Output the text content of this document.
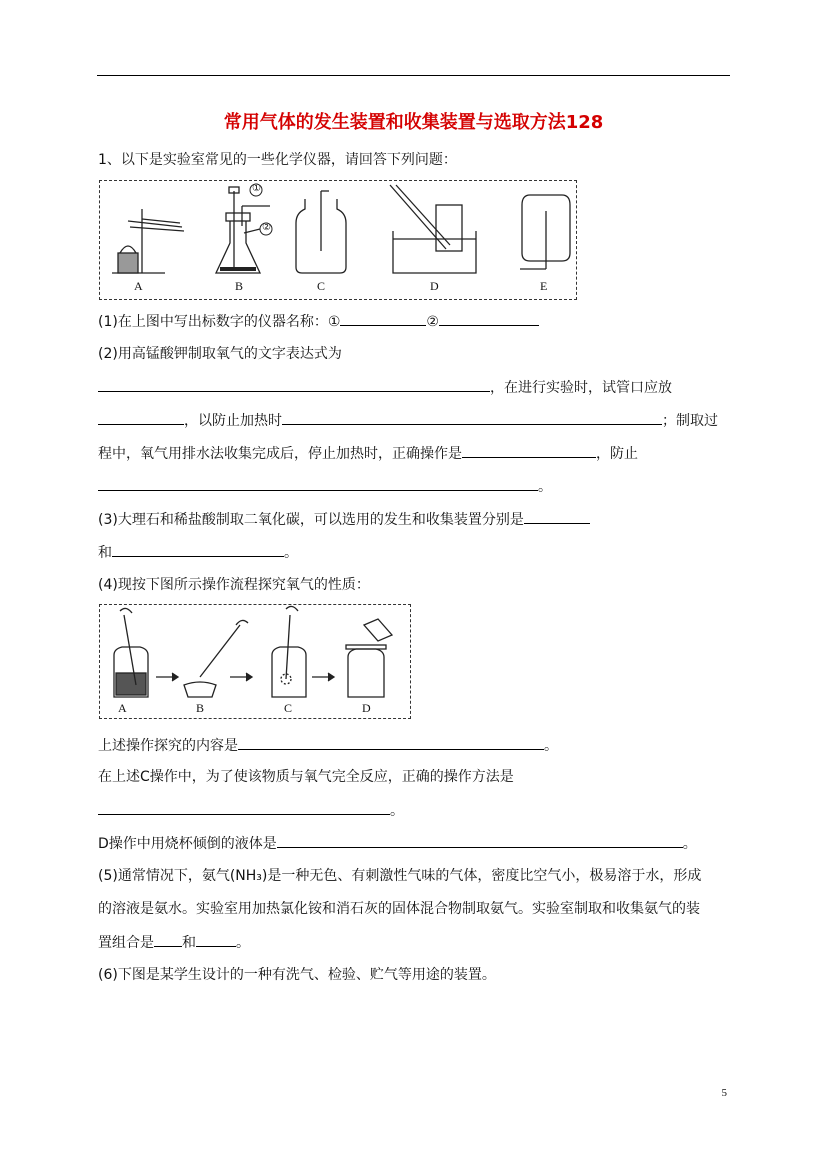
常用气体的发生装置和收集装置与选取方法128
1、以下是实验室常见的一些化学仪器，请回答下列问题：
①
②
A	B	C	D	E
(1)在上图中写出标数字的仪器名称：①	②
(2)用高锰酸钾制取氧气的文字表达式为
，在进行实验时，试管口应放
，以防止加热时	；制取过
程中，氧气用排水法收集完成后，停止加热时，正确操作是	，防止
。
(3)大理石和稀盐酸制取二氧化碳，可以选用的发生和收集装置分别是
和	。
(4)现按下图所示操作流程探究氧气的性质：
A	B	C	D
上述操作探究的内容是	。
在上述C操作中，为了使该物质与氧气完全反应，正确的操作方法是
。
D操作中用烧杯倾倒的液体是	。
(5)通常情况下，氨气(NH₃)是一种无色、有刺激性气味的气体，密度比空气小，极易溶于水，形成
的溶液是氨水。实验室用加热氯化铵和消石灰的固体混合物制取氨气。实验室制取和收集氨气的装
置组合是 和	。
(6)下图是某学生设计的一种有洗气、检验、贮气等用途的装置。
5
